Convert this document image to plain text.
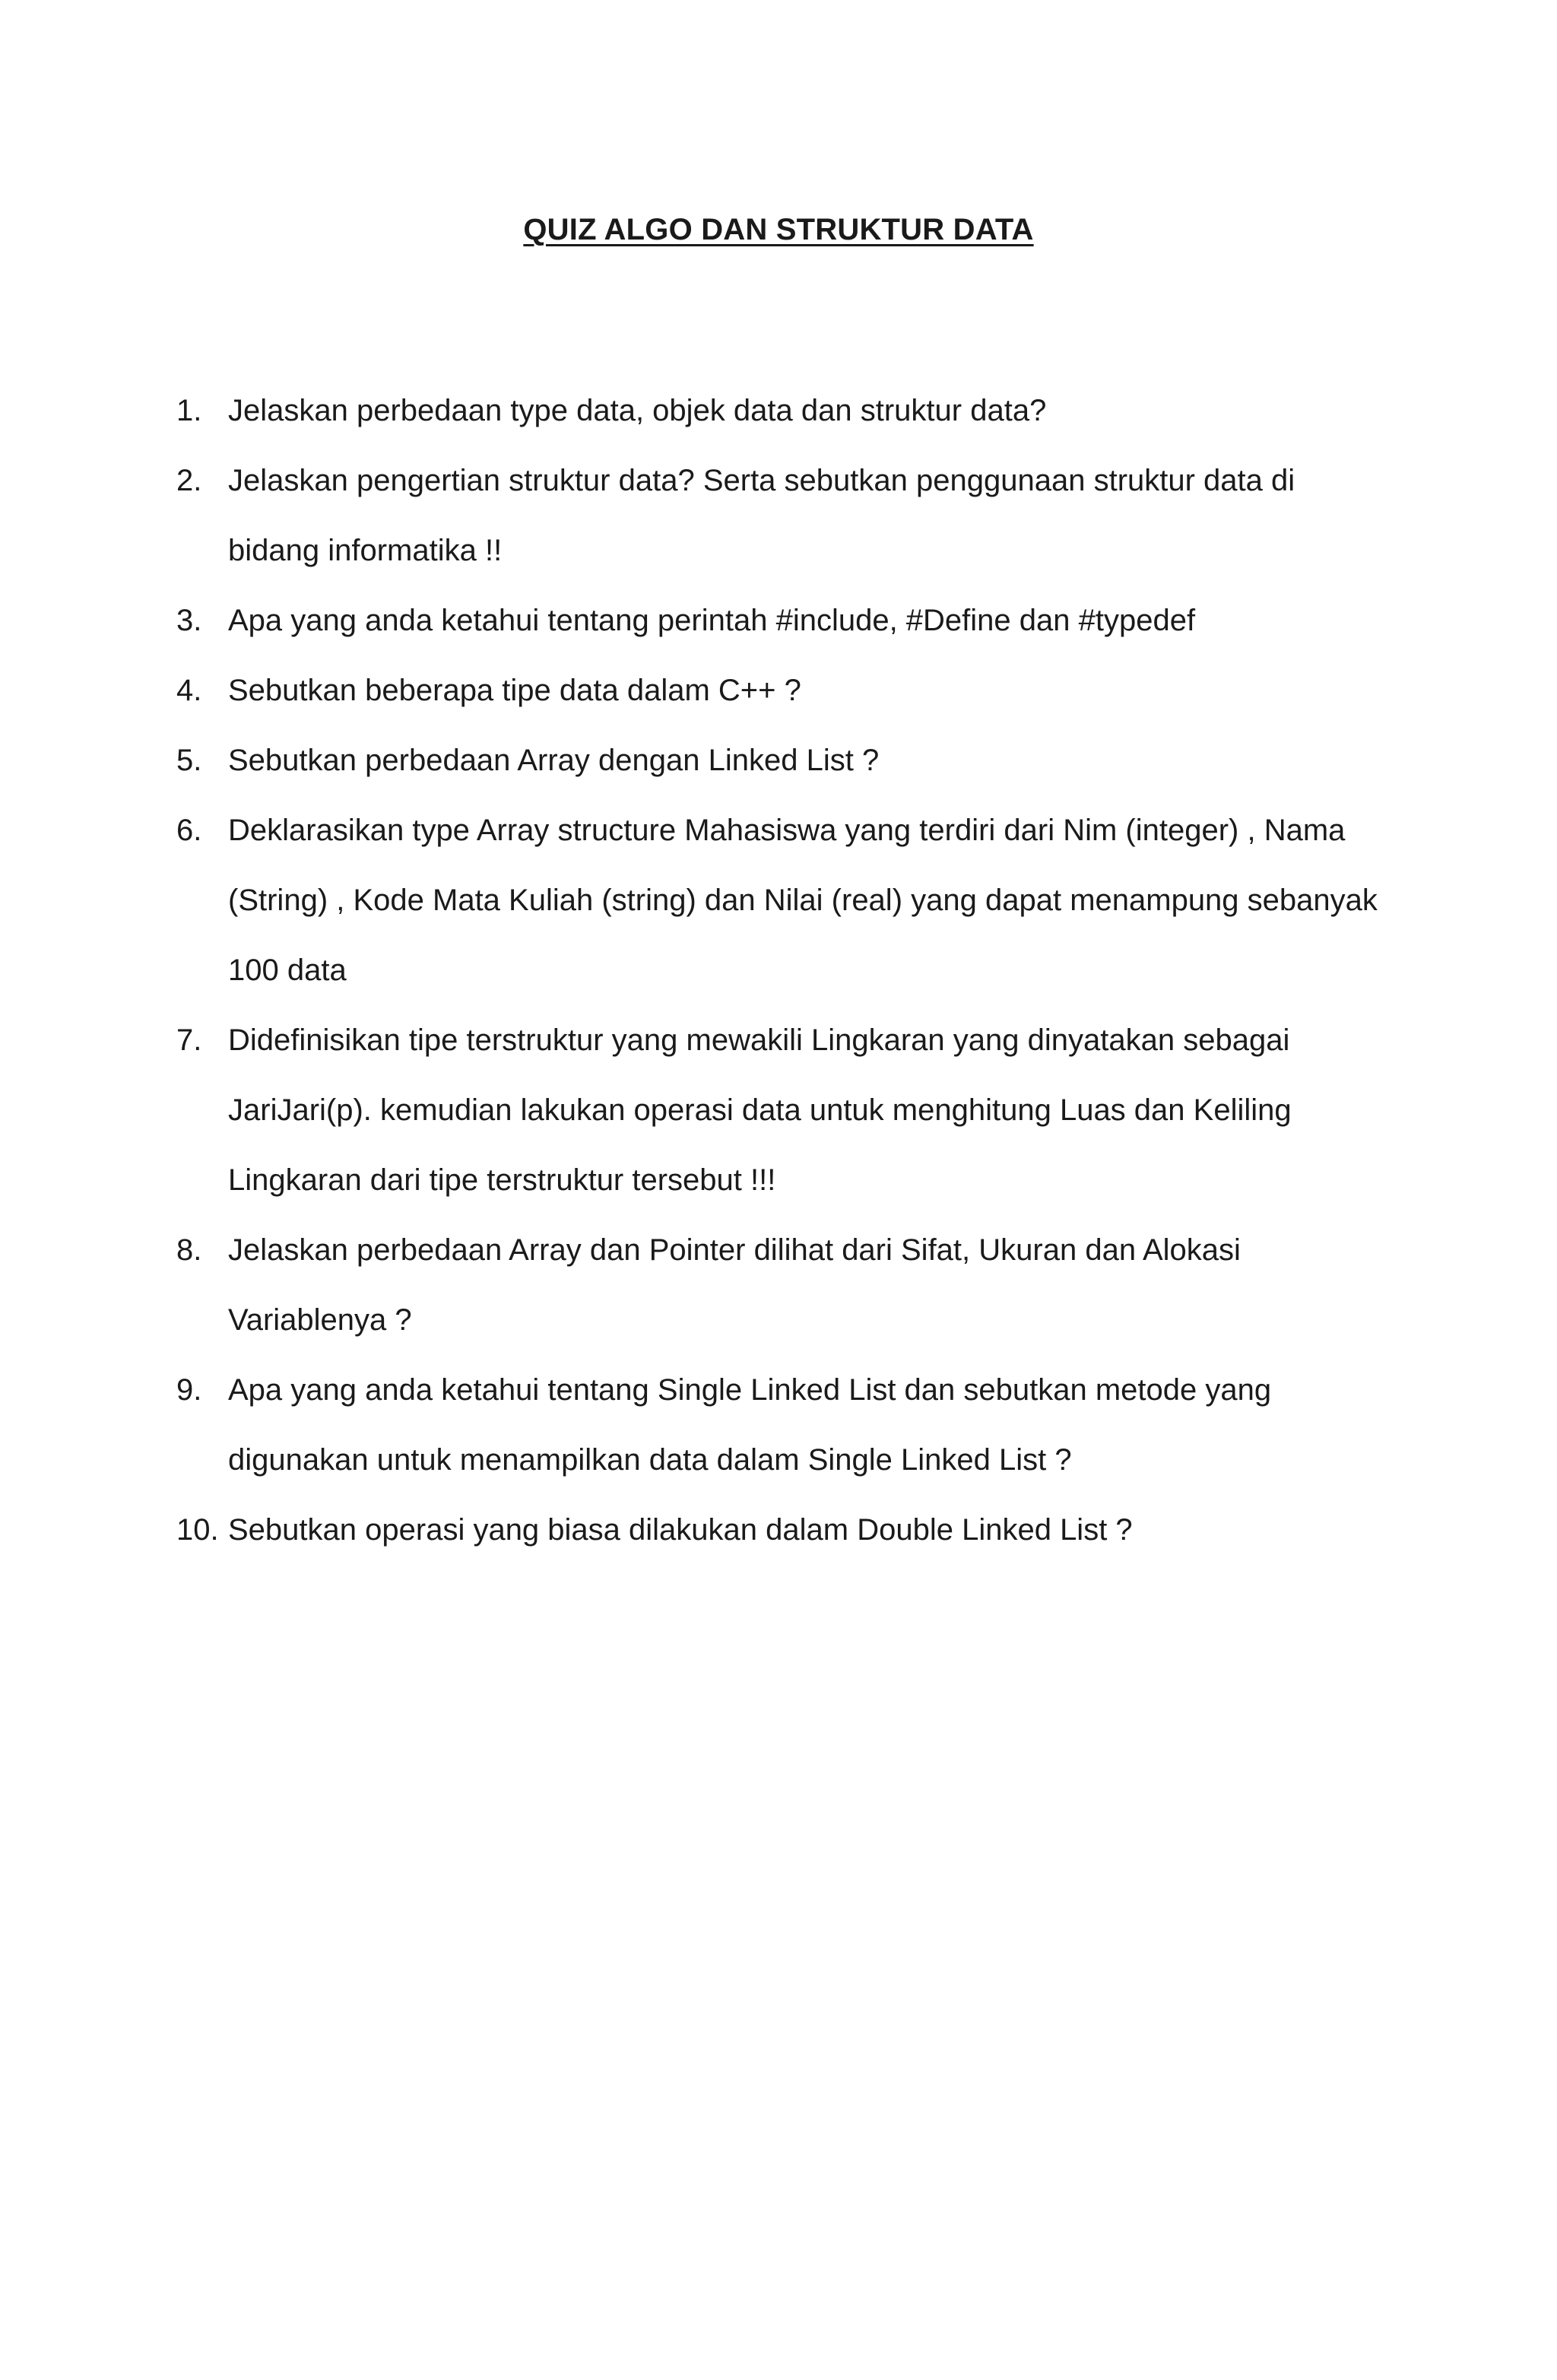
QUIZ ALGO DAN STRUKTUR DATA
1. Jelaskan perbedaan type data, objek data dan struktur data?
2. Jelaskan pengertian struktur data? Serta sebutkan penggunaan struktur data di bidang informatika !!
3. Apa yang anda ketahui tentang perintah #include, #Define dan #typedef
4. Sebutkan beberapa tipe data dalam C++ ?
5. Sebutkan perbedaan Array dengan Linked List ?
6. Deklarasikan type Array structure Mahasiswa yang terdiri dari Nim (integer) , Nama (String) , Kode Mata Kuliah (string) dan Nilai (real) yang dapat menampung sebanyak 100 data
7. Didefinisikan tipe terstruktur yang mewakili Lingkaran yang dinyatakan sebagai JariJari(p). kemudian lakukan operasi data untuk menghitung Luas dan Keliling Lingkaran dari tipe terstruktur tersebut !!!
8. Jelaskan perbedaan Array dan Pointer dilihat dari Sifat, Ukuran dan Alokasi Variablenya ?
9. Apa yang anda ketahui tentang Single Linked List dan sebutkan metode yang digunakan untuk menampilkan data dalam Single Linked List ?
10. Sebutkan operasi yang biasa dilakukan dalam Double Linked List ?
